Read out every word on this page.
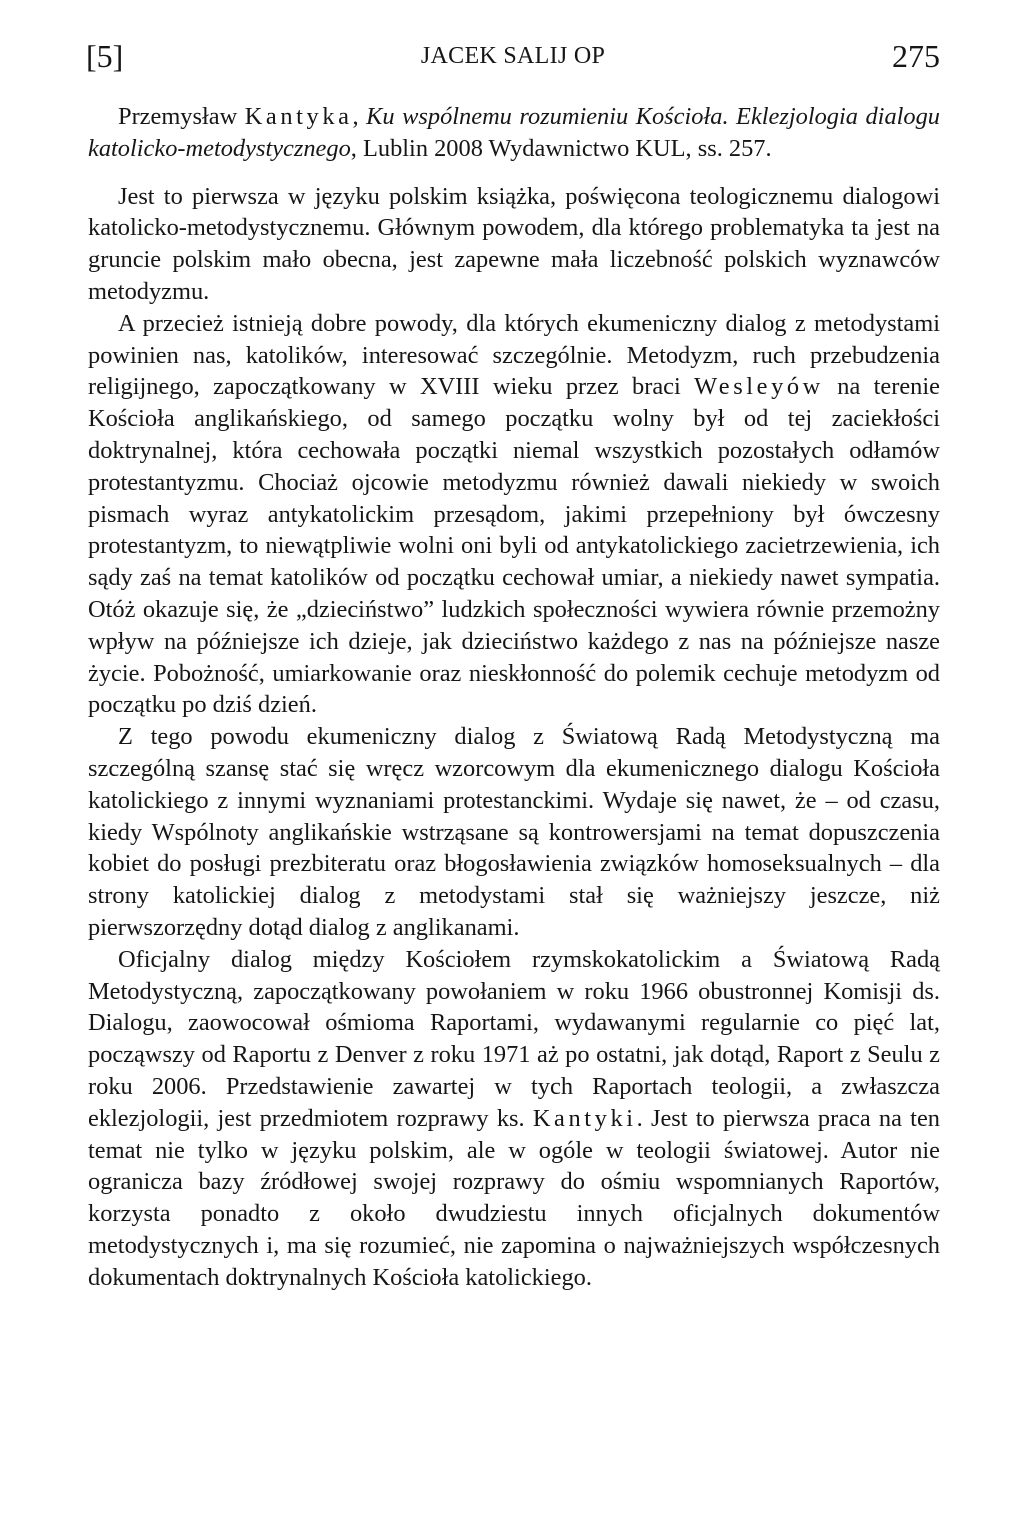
[5]	JACEK SALIJ OP	275

Przemysław Kantyka, Ku wspólnemu rozumieniu Kościoła. Eklezjologia dialogu katolicko-metodystycznego, Lublin 2008 Wydawnictwo KUL, ss. 257.

Jest to pierwsza w języku polskim książka, poświęcona teologicznemu dialogowi katolicko-metodystycznemu. Głównym powodem, dla którego problematyka ta jest na gruncie polskim mało obecna, jest zapewne mała liczebność polskich wyznawców metodyzmu.

A przecież istnieją dobre powody, dla których ekumeniczny dialog z metodystami powinien nas, katolików, interesować szczególnie. Metodyzm, ruch przebudzenia religijnego, zapoczątkowany w XVIII wieku przez braci Wesleyów na terenie Kościoła anglikańskiego, od samego początku wolny był od tej zaciekłości doktrynalnej, która cechowała początki niemal wszystkich pozostałych odłamów protestantyzmu. Chociaż ojcowie metodyzmu również dawali niekiedy w swoich pismach wyraz antykatolickim przesądom, jakimi przepełniony był ówczesny protestantyzm, to niewątpliwie wolni oni byli od antykatolickiego zacietrzewienia, ich sądy zaś na temat katolików od początku cechował umiar, a niekiedy nawet sympatia. Otóż okazuje się, że „dzieciństwo” ludzkich społeczności wywiera równie przemożny wpływ na późniejsze ich dzieje, jak dzieciństwo każdego z nas na późniejsze nasze życie. Pobożność, umiarkowanie oraz nieskłonność do polemik cechuje metodyzm od początku po dziś dzień.

Z tego powodu ekumeniczny dialog z Światową Radą Metodystyczną ma szczególną szansę stać się wręcz wzorcowym dla ekumenicznego dialogu Kościoła katolickiego z innymi wyznaniami protestanckimi. Wydaje się nawet, że – od czasu, kiedy Wspólnoty anglikańskie wstrząsane są kontrowersjami na temat dopuszczenia kobiet do posługi prezbiteratu oraz błogosławienia związków homoseksualnych – dla strony katolickiej dialog z metodystami stał się ważniejszy jeszcze, niż pierwszorzędny dotąd dialog z anglikanami.

Oficjalny dialog między Kościołem rzymskokatolickim a Światową Radą Metodystyczną, zapoczątkowany powołaniem w roku 1966 obustronnej Komisji ds. Dialogu, zaowocował ośmioma Raportami, wydawanymi regularnie co pięć lat, począwszy od Raportu z Denver z roku 1971 aż po ostatni, jak dotąd, Raport z Seulu z roku 2006. Przedstawienie zawartej w tych Raportach teologii, a zwłaszcza eklezjologii, jest przedmiotem rozprawy ks. Kantyki. Jest to pierwsza praca na ten temat nie tylko w języku polskim, ale w ogóle w teologii światowej. Autor nie ogranicza bazy źródłowej swojej rozprawy do ośmiu wspomnianych Raportów, korzysta ponadto z około dwudziestu innych oficjalnych dokumentów metodystycznych i, ma się rozumieć, nie zapomina o najważniejszych współczesnych dokumentach doktrynalnych Kościoła katolickiego.
